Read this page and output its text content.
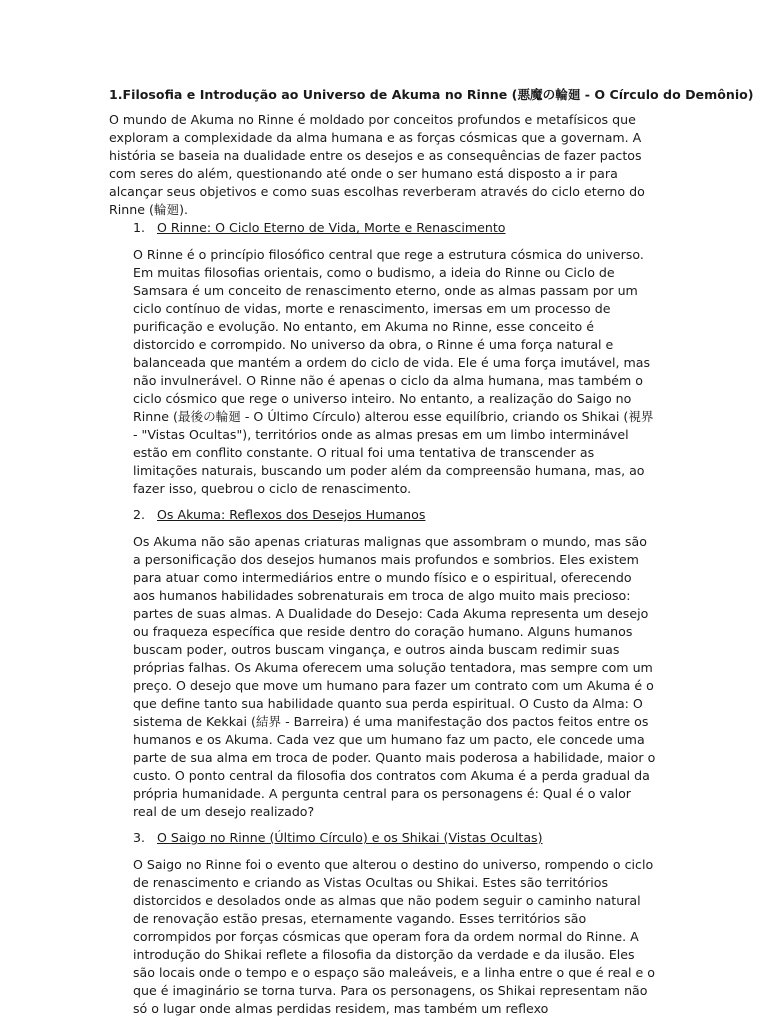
1.Filosofia e Introdução ao Universo de Akuma no Rinne (悪魔の輪廻 - O Círculo do Demônio)

O mundo de Akuma no Rinne é moldado por conceitos profundos e metafísicos que exploram a complexidade da alma humana e as forças cósmicas que a governam. A história se baseia na dualidade entre os desejos e as consequências de fazer pactos com seres do além, questionando até onde o ser humano está disposto a ir para alcançar seus objetivos e como suas escolhas reverberam através do ciclo eterno do Rinne (輪廻).

1. O Rinne: O Ciclo Eterno de Vida, Morte e Renascimento

O Rinne é o princípio filosófico central que rege a estrutura cósmica do universo. Em muitas filosofias orientais, como o budismo, a ideia do Rinne ou Ciclo de Samsara é um conceito de renascimento eterno, onde as almas passam por um ciclo contínuo de vidas, morte e renascimento, imersas em um processo de purificação e evolução. No entanto, em Akuma no Rinne, esse conceito é distorcido e corrompido. No universo da obra, o Rinne é uma força natural e balanceada que mantém a ordem do ciclo de vida. Ele é uma força imutável, mas não invulnerável. O Rinne não é apenas o ciclo da alma humana, mas também o ciclo cósmico que rege o universo inteiro. No entanto, a realização do Saigo no Rinne (最後の輪廻 - O Último Círculo) alterou esse equilíbrio, criando os Shikai (視界 - "Vistas Ocultas"), territórios onde as almas presas em um limbo interminável estão em conflito constante. O ritual foi uma tentativa de transcender as limitações naturais, buscando um poder além da compreensão humana, mas, ao fazer isso, quebrou o ciclo de renascimento.

2. Os Akuma: Reflexos dos Desejos Humanos

Os Akuma não são apenas criaturas malignas que assombram o mundo, mas são a personificação dos desejos humanos mais profundos e sombrios. Eles existem para atuar como intermediários entre o mundo físico e o espiritual, oferecendo aos humanos habilidades sobrenaturais em troca de algo muito mais precioso: partes de suas almas. A Dualidade do Desejo: Cada Akuma representa um desejo ou fraqueza específica que reside dentro do coração humano. Alguns humanos buscam poder, outros buscam vingança, e outros ainda buscam redimir suas próprias falhas. Os Akuma oferecem uma solução tentadora, mas sempre com um preço. O desejo que move um humano para fazer um contrato com um Akuma é o que define tanto sua habilidade quanto sua perda espiritual. O Custo da Alma: O sistema de Kekkai (結界 - Barreira) é uma manifestação dos pactos feitos entre os humanos e os Akuma. Cada vez que um humano faz um pacto, ele concede uma parte de sua alma em troca de poder. Quanto mais poderosa a habilidade, maior o custo. O ponto central da filosofia dos contratos com Akuma é a perda gradual da própria humanidade. A pergunta central para os personagens é: Qual é o valor real de um desejo realizado?

3. O Saigo no Rinne (Último Círculo) e os Shikai (Vistas Ocultas)

O Saigo no Rinne foi o evento que alterou o destino do universo, rompendo o ciclo de renascimento e criando as Vistas Ocultas ou Shikai. Estes são territórios distorcidos e desolados onde as almas que não podem seguir o caminho natural de renovação estão presas, eternamente vagando. Esses territórios são corrompidos por forças cósmicas que operam fora da ordem normal do Rinne. A introdução do Shikai reflete a filosofia da distorção da verdade e da ilusão. Eles são locais onde o tempo e o espaço são maleáveis, e a linha entre o que é real e o que é imaginário se torna turva. Para os personagens, os Shikai representam não só o lugar onde almas perdidas residem, mas também um reflexo
